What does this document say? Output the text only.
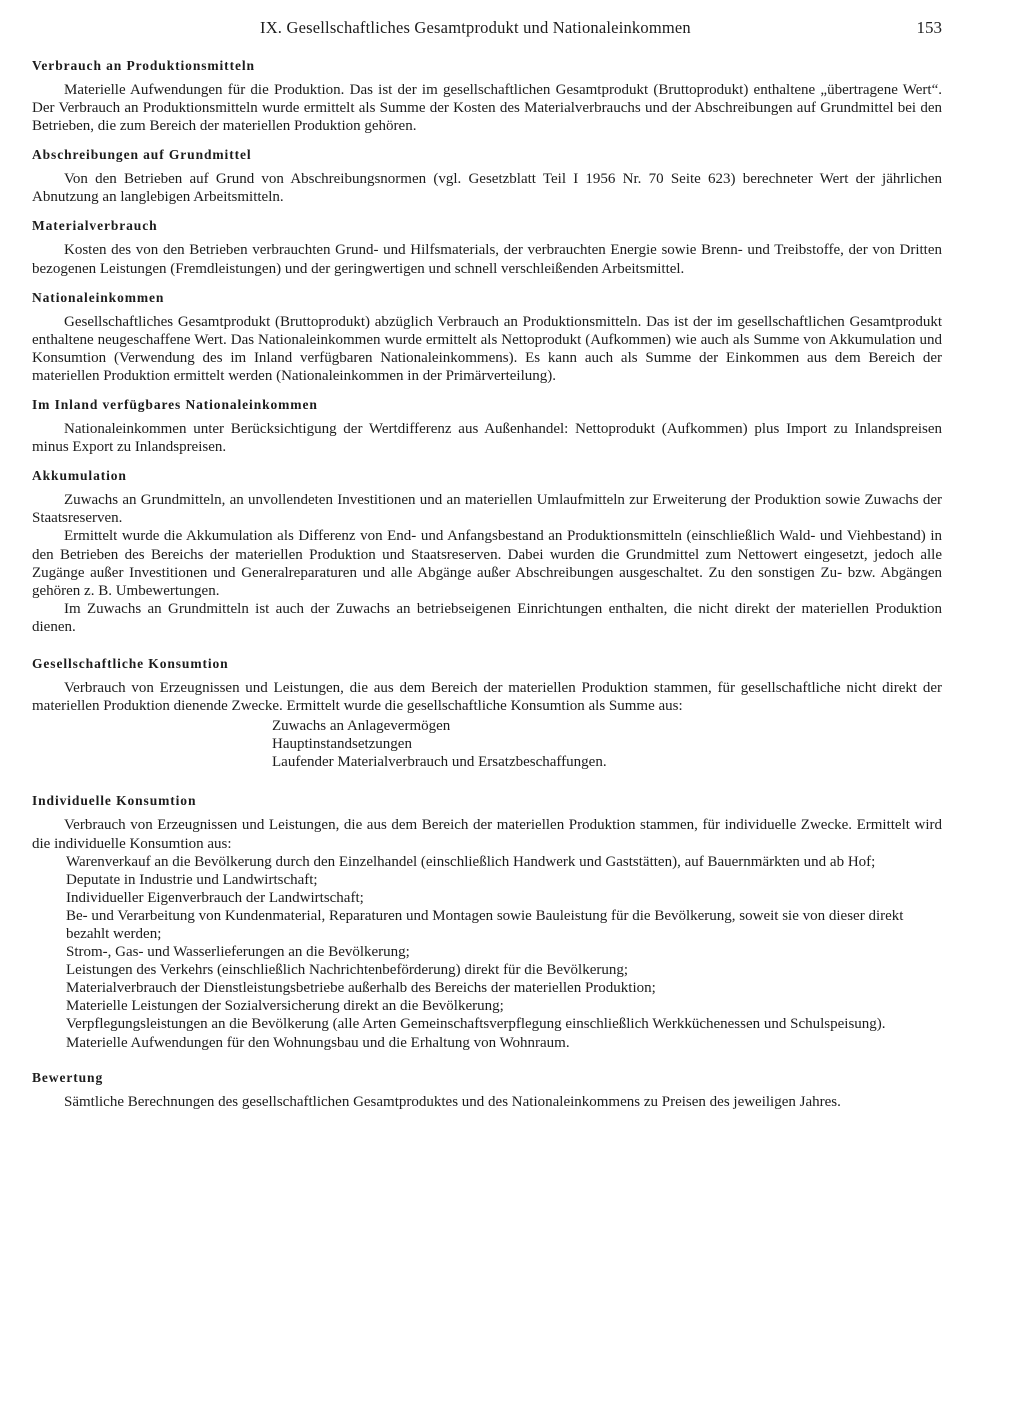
IX. Gesellschaftliches Gesamtprodukt und Nationaleinkommen	153
Verbrauch an Produktionsmitteln

Materielle Aufwendungen für die Produktion. Das ist der im gesellschaftlichen Gesamtprodukt (Bruttoprodukt) enthaltene „übertragene Wert“. Der Verbrauch an Produktionsmitteln wurde ermittelt als Summe der Kosten des Materialverbrauchs und der Abschreibungen auf Grundmittel bei den Betrieben, die zum Bereich der materiellen Produktion gehören.

Abschreibungen auf Grundmittel

Von den Betrieben auf Grund von Abschreibungsnormen (vgl. Gesetzblatt Teil I 1956 Nr. 70 Seite 623) berechneter Wert der jährlichen Abnutzung an langlebigen Arbeitsmitteln.

Materialverbrauch

Kosten des von den Betrieben verbrauchten Grund- und Hilfsmaterials, der verbrauchten Energie sowie Brenn- und Treibstoffe, der von Dritten bezogenen Leistungen (Fremdleistungen) und der geringwertigen und schnell verschleißenden Arbeitsmittel.

Nationaleinkommen

Gesellschaftliches Gesamtprodukt (Bruttoprodukt) abzüglich Verbrauch an Produktionsmitteln. Das ist der im gesellschaftlichen Gesamtprodukt enthaltene neugeschaffene Wert. Das Nationaleinkommen wurde ermittelt als Nettoprodukt (Aufkommen) wie auch als Summe von Akkumulation und Konsumtion (Verwendung des im Inland verfügbaren Nationaleinkommens). Es kann auch als Summe der Einkommen aus dem Bereich der materiellen Produktion ermittelt werden (Nationaleinkommen in der Primärverteilung).

Im Inland verfügbares Nationaleinkommen

Nationaleinkommen unter Berücksichtigung der Wertdifferenz aus Außenhandel: Nettoprodukt (Aufkommen) plus Import zu Inlandspreisen minus Export zu Inlandspreisen.

Akkumulation

Zuwachs an Grundmitteln, an unvollendeten Investitionen und an materiellen Umlaufmitteln zur Erweiterung der Produktion sowie Zuwachs der Staatsreserven.

Ermittelt wurde die Akkumulation als Differenz von End- und Anfangsbestand an Produktionsmitteln (einschließlich Wald- und Viehbestand) in den Betrieben des Bereichs der materiellen Produktion und Staatsreserven. Dabei wurden die Grundmittel zum Nettowert eingesetzt, jedoch alle Zugänge außer Investitionen und Generalreparaturen und alle Abgänge außer Abschreibungen ausgeschaltet. Zu den sonstigen Zu- bzw. Abgängen gehören z. B. Umbewertungen.

Im Zuwachs an Grundmitteln ist auch der Zuwachs an betriebseigenen Einrichtungen enthalten, die nicht direkt der materiellen Produktion dienen.

Gesellschaftliche Konsumtion

Verbrauch von Erzeugnissen und Leistungen, die aus dem Bereich der materiellen Produktion stammen, für gesellschaftliche nicht direkt der materiellen Produktion dienende Zwecke. Ermittelt wurde die gesellschaftliche Konsumtion als Summe aus:

Zuwachs an Anlagevermögen
Hauptinstandsetzungen
Laufender Materialverbrauch und Ersatzbeschaffungen.
Individuelle Konsumtion

Verbrauch von Erzeugnissen und Leistungen, die aus dem Bereich der materiellen Produktion stammen, für individuelle Zwecke. Ermittelt wird die individuelle Konsumtion aus:

Warenverkauf an die Bevölkerung durch den Einzelhandel (einschließlich Handwerk und Gaststätten), auf Bauernmärkten und ab Hof;
Deputate in Industrie und Landwirtschaft;
Individueller Eigenverbrauch der Landwirtschaft;
Be- und Verarbeitung von Kundenmaterial, Reparaturen und Montagen sowie Bauleistung für die Bevölkerung, soweit sie von dieser direkt bezahlt werden;
Strom-, Gas- und Wasserlieferungen an die Bevölkerung;
Leistungen des Verkehrs (einschließlich Nachrichtenbeförderung) direkt für die Bevölkerung;
Materialverbrauch der Dienstleistungsbetriebe außerhalb des Bereichs der materiellen Produktion;
Materielle Leistungen der Sozialversicherung direkt an die Bevölkerung;
Verpflegungsleistungen an die Bevölkerung (alle Arten Gemeinschaftsverpflegung einschließlich Werkküchenessen und Schulspeisung).
Materielle Aufwendungen für den Wohnungsbau und die Erhaltung von Wohnraum.
Bewertung

Sämtliche Berechnungen des gesellschaftlichen Gesamtproduktes und des Nationaleinkommens zu Preisen des jeweiligen Jahres.
